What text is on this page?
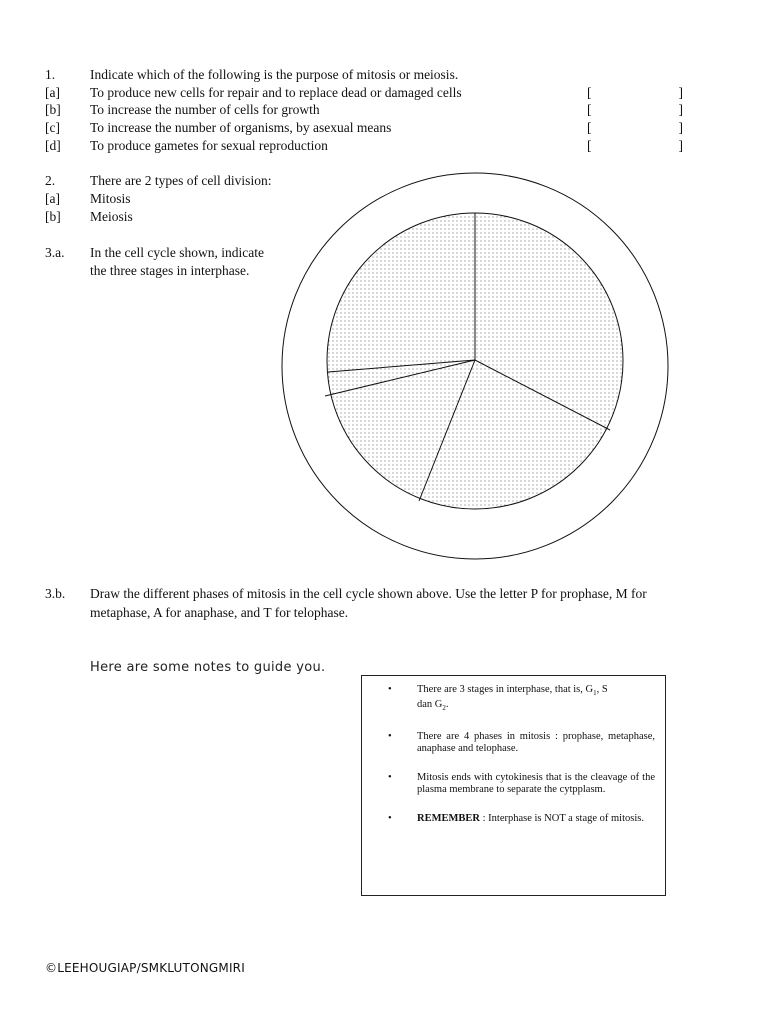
1.	Indicate which of the following is the purpose of mitosis or meiosis.
[a] To produce new cells for repair and to replace dead or damaged cells	[	]
[b] To increase the number of cells for growth	[	]
[c] To increase the number of organisms, by asexual means	[	]
[d] To produce gametes for sexual reproduction	[	]
2.	There are 2 types of cell division:
[a] Mitosis
[b] Meiosis
3.a. In the cell cycle shown, indicate
the three stages in interphase.
3.b. Draw the different phases of mitosis in the cell cycle shown above. Use the letter P for prophase, M for
metaphase, A for anaphase, and T for telophase.
Here are some notes to guide you.
• There are 3 stages in interphase, that is, $G_1$, S
dan $G_2$.
• There are 4 phases in mitosis : prophase, metaphase, anaphase and telophase.
• Mitosis ends with cytokinesis that is the cleavage of the plasma membrane to separate the cytpplasm.
• REMEMBER : Interphase is NOT a stage of mitosis.
©LEEHOUGIAP/SMKLUTONGMIRI
